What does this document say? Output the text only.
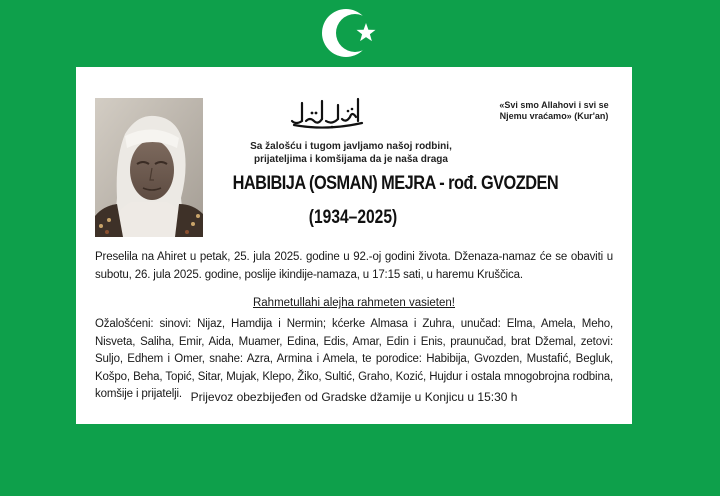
ارتحال دار البقاء
«Svi smo Allahovi i svi se Njemu vraćamo» (Kur'an)
Sa žalošću i tugom javljamo našoj rodbini, prijateljima i komšijama da je naša draga
HABIBIJA (OSMAN) MEJRA - rođ. GVOZDEN
(1934–2025)
Preselila na Ahiret u petak, 25. jula 2025. godine u 92.-oj godini života. Dženaza-namaz će se obaviti u subotu, 26. jula 2025. godine, poslije ikindije-namaza, u 17:15 sati, u haremu Kruščica.
Rahmetullahi alejha rahmeten vasieten!
Ožalošćeni: sinovi: Nijaz, Hamdija i Nermin; kćerke Almasa i Zuhra, unučad: Elma, Amela, Meho, Nisveta, Saliha, Emir, Aida, Muamer, Edina, Edis, Amar, Edin i Enis, praunučad, brat Džemal, zetovi: Suljo, Edhem i Omer, snahe: Azra, Armina i Amela, te porodice: Habibija, Gvozden, Mustafić, Begluk, Košpo, Beha, Topić, Sitar, Mujak, Klepo, Žiko, Sultić, Graho, Kozić, Hujdur i ostala mnogobrojna rodbina, komšije i prijatelji. Prijevoz obezbijeđen od Gradske džamije u Konjicu u 15:30 h
